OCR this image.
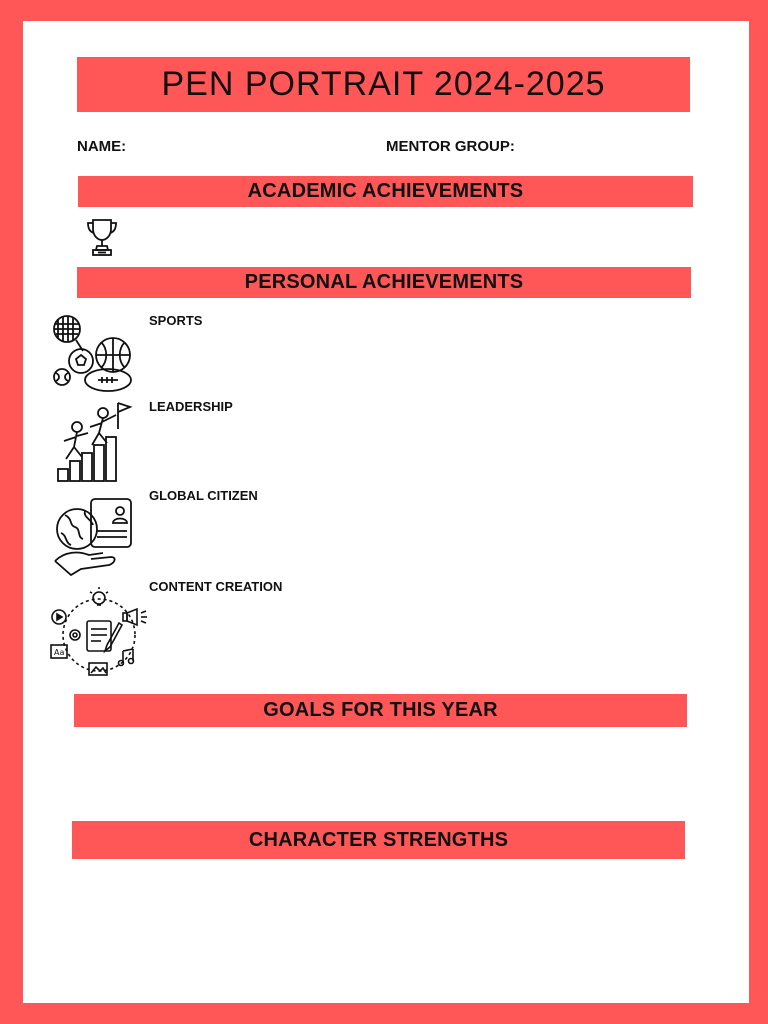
PEN PORTRAIT 2024-2025
NAME:	MENTOR GROUP:
ACADEMIC ACHIEVEMENTS
PERSONAL ACHIEVEMENTS
SPORTS
LEADERSHIP
GLOBAL CITIZEN
Aa
CONTENT CREATION
GOALS FOR THIS YEAR
CHARACTER STRENGTHS
